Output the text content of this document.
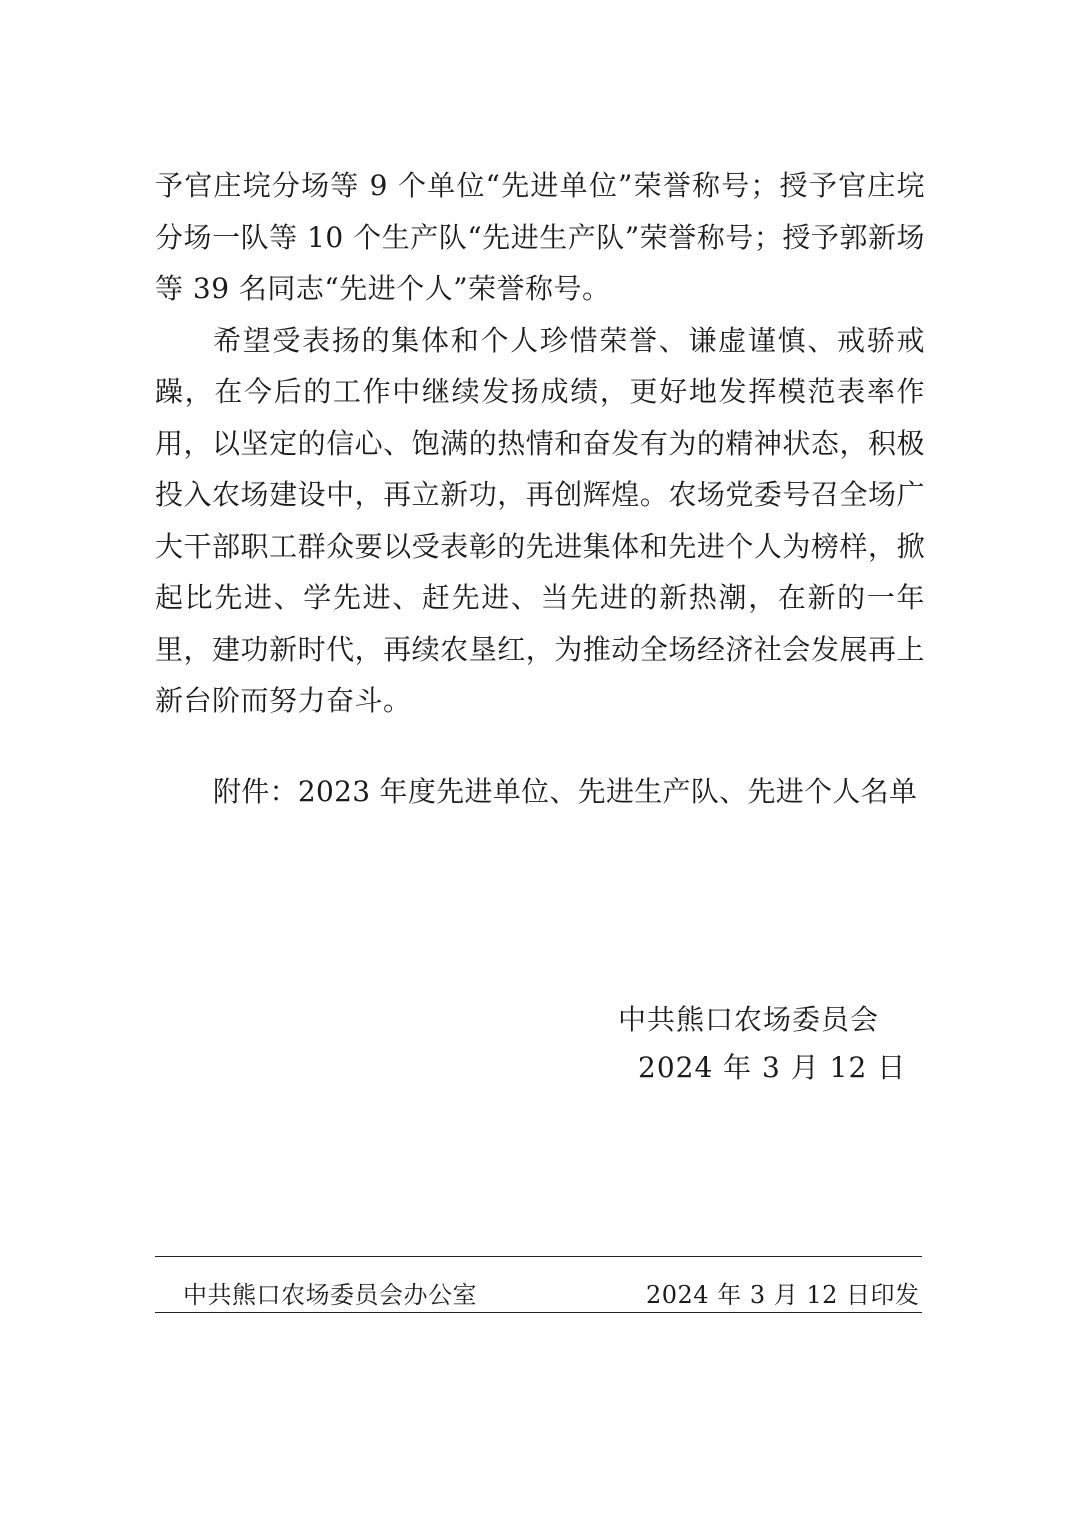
予官庄垸分场等 9 个单位“先进单位”荣誉称号；授予官庄垸分场一队等 10 个生产队“先进生产队”荣誉称号；授予郭新场等 39 名同志“先进个人”荣誉称号。

希望受表扬的集体和个人珍惜荣誉、谦虚谨慎、戒骄戒躁，在今后的工作中继续发扬成绩，更好地发挥模范表率作用，以坚定的信心、饱满的热情和奋发有为的精神状态，积极投入农场建设中，再立新功，再创辉煌。农场党委号召全场广大干部职工群众要以受表彰的先进集体和先进个人为榜样，掀起比先进、学先进、赶先进、当先进的新热潮，在新的一年里，建功新时代，再续农垦红，为推动全场经济社会发展再上新台阶而努力奋斗。

附件：2023 年度先进单位、先进生产队、先进个人名单
中共熊口农场委员会
2024 年 3 月 12 日
中共熊口农场委员会办公室	2024 年 3 月 12 日印发
